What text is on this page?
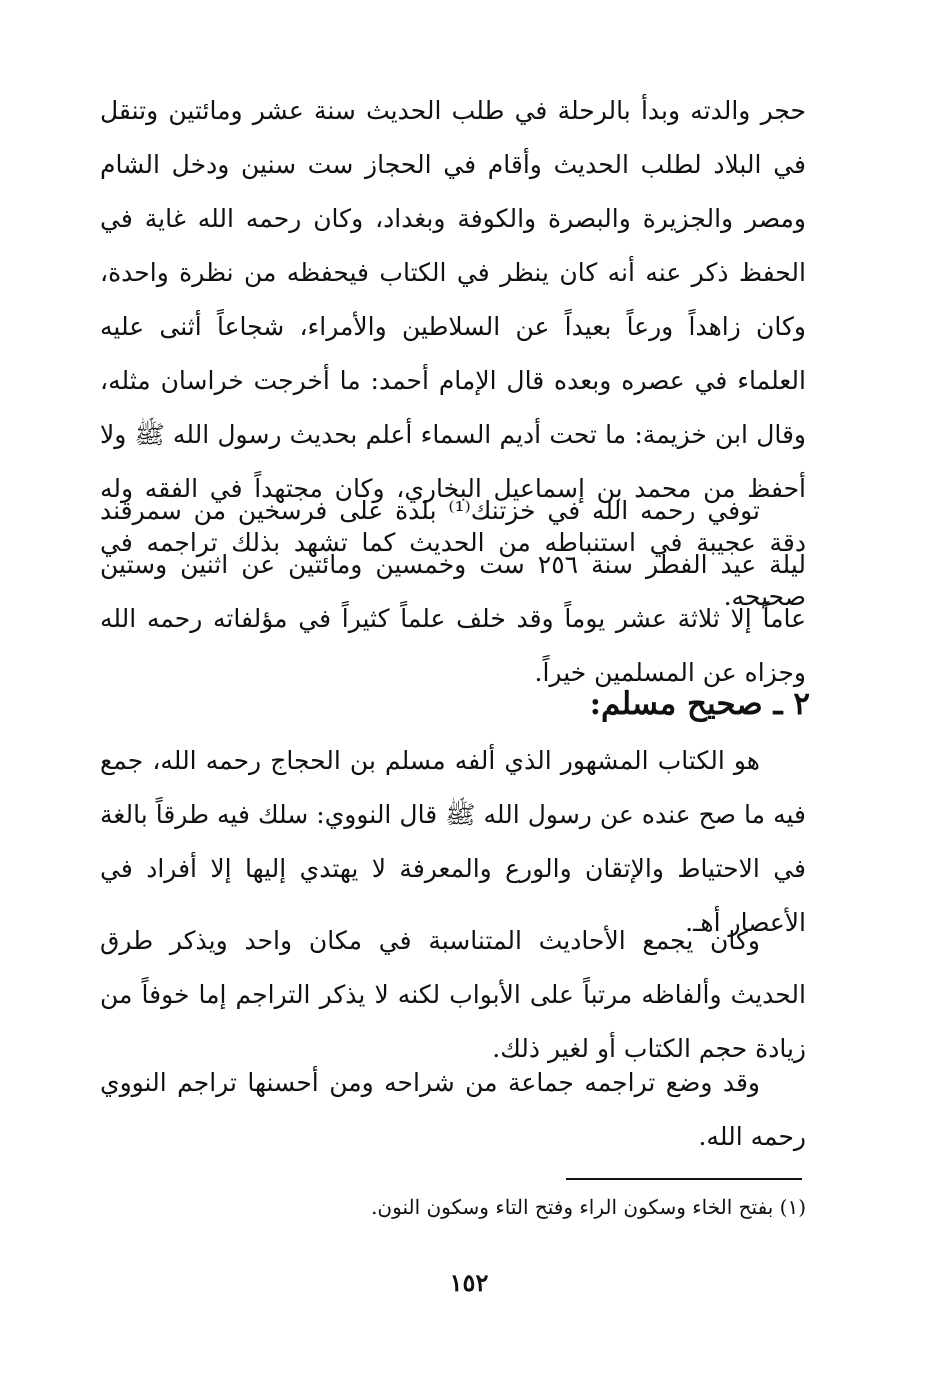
حجر والدته وبدأ بالرحلة في طلب الحديث سنة عشر ومائتين وتنقل في البلاد لطلب الحديث وأقام في الحجاز ست سنين ودخل الشام ومصر والجزيرة والبصرة والكوفة وبغداد، وكان رحمه الله غاية في الحفظ ذكر عنه أنه كان ينظر في الكتاب فيحفظه من نظرة واحدة، وكان زاهداً ورعاً بعيداً عن السلاطين والأمراء، شجاعاً أثنى عليه العلماء في عصره وبعده قال الإمام أحمد: ما أخرجت خراسان مثله، وقال ابن خزيمة: ما تحت أديم السماء أعلم بحديث رسول الله ﷺ ولا أحفظ من محمد بن إسماعيل البخاري، وكان مجتهداً في الفقه وله دقة عجيبة في استنباطه من الحديث كما تشهد بذلك تراجمه في صحيحه.

توفي رحمه الله في خزتنك⁽¹⁾ بلدة على فرسخين من سمرقند ليلة عيد الفطر سنة ٢٥٦ ست وخمسين ومائتين عن اثنين وستين عاماً إلا ثلاثة عشر يوماً وقد خلف علماً كثيراً في مؤلفاته رحمه الله وجزاه عن المسلمين خيراً.

٢ ـ صحيح مسلم:

هو الكتاب المشهور الذي ألفه مسلم بن الحجاج رحمه الله، جمع فيه ما صح عنده عن رسول الله ﷺ قال النووي: سلك فيه طرقاً بالغة في الاحتياط والإتقان والورع والمعرفة لا يهتدي إليها إلا أفراد في الأعصار أهـ.

وكان يجمع الأحاديث المتناسبة في مكان واحد ويذكر طرق الحديث وألفاظه مرتباً على الأبواب لكنه لا يذكر التراجم إما خوفاً من زيادة حجم الكتاب أو لغير ذلك.

وقد وضع تراجمه جماعة من شراحه ومن أحسنها تراجم النووي رحمه الله.

(١) بفتح الخاء وسكون الراء وفتح التاء وسكون النون.
١٥٢
